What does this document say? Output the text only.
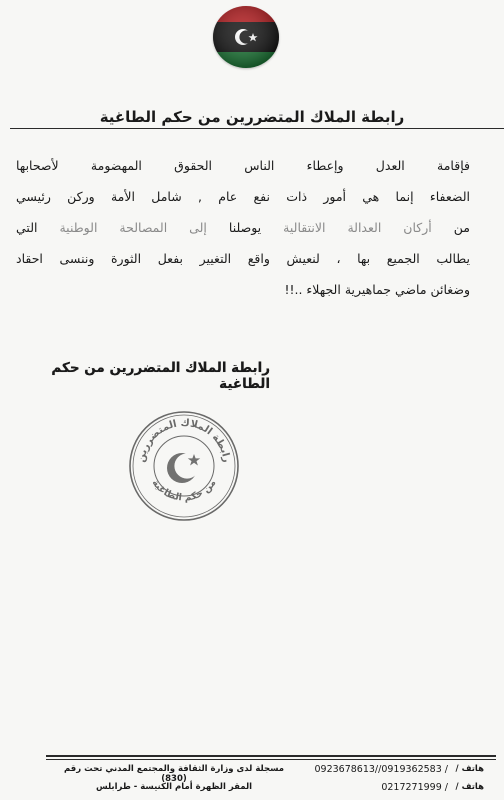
رابطة الملاك المتضررين من حكم الطاغية
فإقامة العدل وإعطاء الناس الحقوق المهضومة لأصحابها
الضعفاء إنما هي أمور ذات نفع عام , شامل الأمة وركن رئيسي
من أركان العدالة الانتقالية يوصلنا إلى المصالحة الوطنية التي
يطالب الجميع بها ، لنعيش واقع التغيير بفعل الثورة وننسى احقاد
وضغائن ماضي جماهيرية الجهلاء ..!!
رابطة الملاك المتضررين من حكم الطاغية
رابطة الملاك المتضررين
من حكم الطاغية
هاتف /
0923678613//0919362583 /
مسجلة لدى وزارة الثقافة والمجتمع المدني تحت رقم (830)
هاتف /
0217271999 /
المقر الظهرة أمام الكنيسة - طرابلس
